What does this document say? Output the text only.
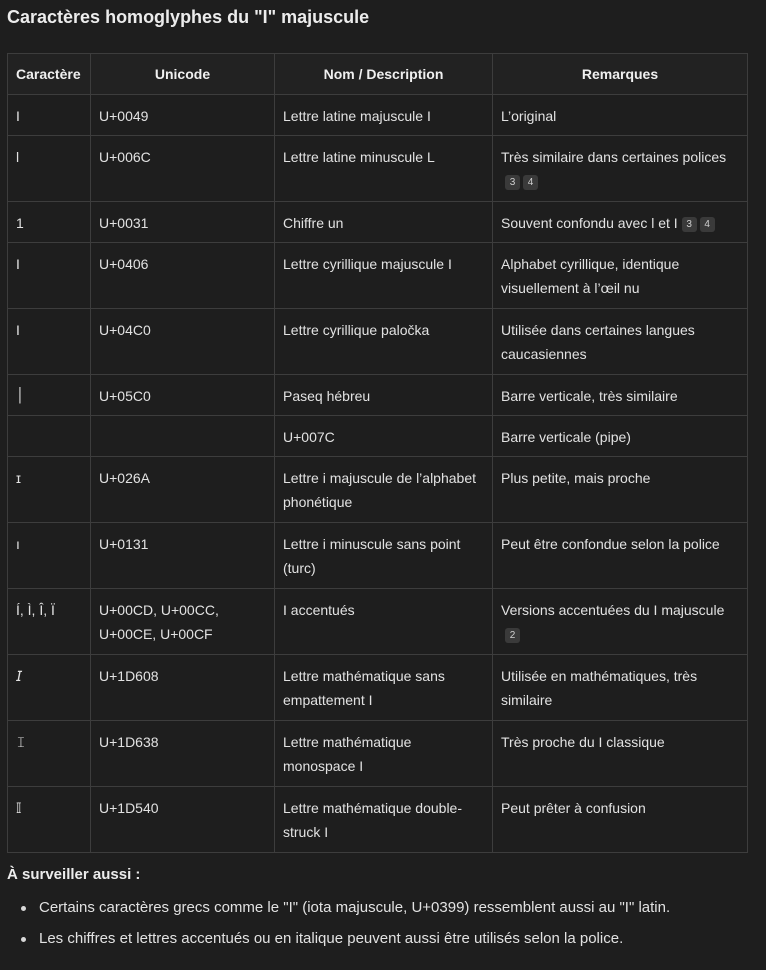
Caractères homoglyphes du "I" majuscule
Caractère	Unicode	Nom / Description	Remarques
I	U+0049	Lettre latine majuscule I	L’original
l	U+006C	Lettre latine minuscule L	Très similaire dans certaines polices3 4
1	U+0031	Chiffre un	Souvent confondu avec l et I 3 4
І	U+0406	Lettre cyrillique majuscule I	Alphabet cyrillique, identique visuellement à l’œil nu
Ӏ	U+04C0	Lettre cyrillique paločka	Utilisée dans certaines langues caucasiennes
׀	U+05C0	Paseq hébreu	Barre verticale, très similaire
		U+007C	Barre verticale (pipe)
ɪ	U+026A	Lettre i majuscule de l’alphabet phonétique	Plus petite, mais proche
ı	U+0131	Lettre i minuscule sans point (turc)	Peut être confondue selon la police
Í, Ì, Î, Ï	U+00CD, U+00CC, U+00CE, U+00CF	I accentués	Versions accentuées du I majuscule2
𝘐	U+1D608	Lettre mathématique sans empattement I	Utilisée en mathématiques, très similaire
𝙸	U+1D638	Lettre mathématique monospace I	Très proche du I classique
𝕀	U+1D540	Lettre mathématique double-struck I	Peut prêter à confusion

À surveiller aussi :

Certains caractères grecs comme le "Ι" (iota majuscule, U+0399) ressemblent aussi au "I" latin.
Les chiffres et lettres accentués ou en italique peuvent aussi être utilisés selon la police.
